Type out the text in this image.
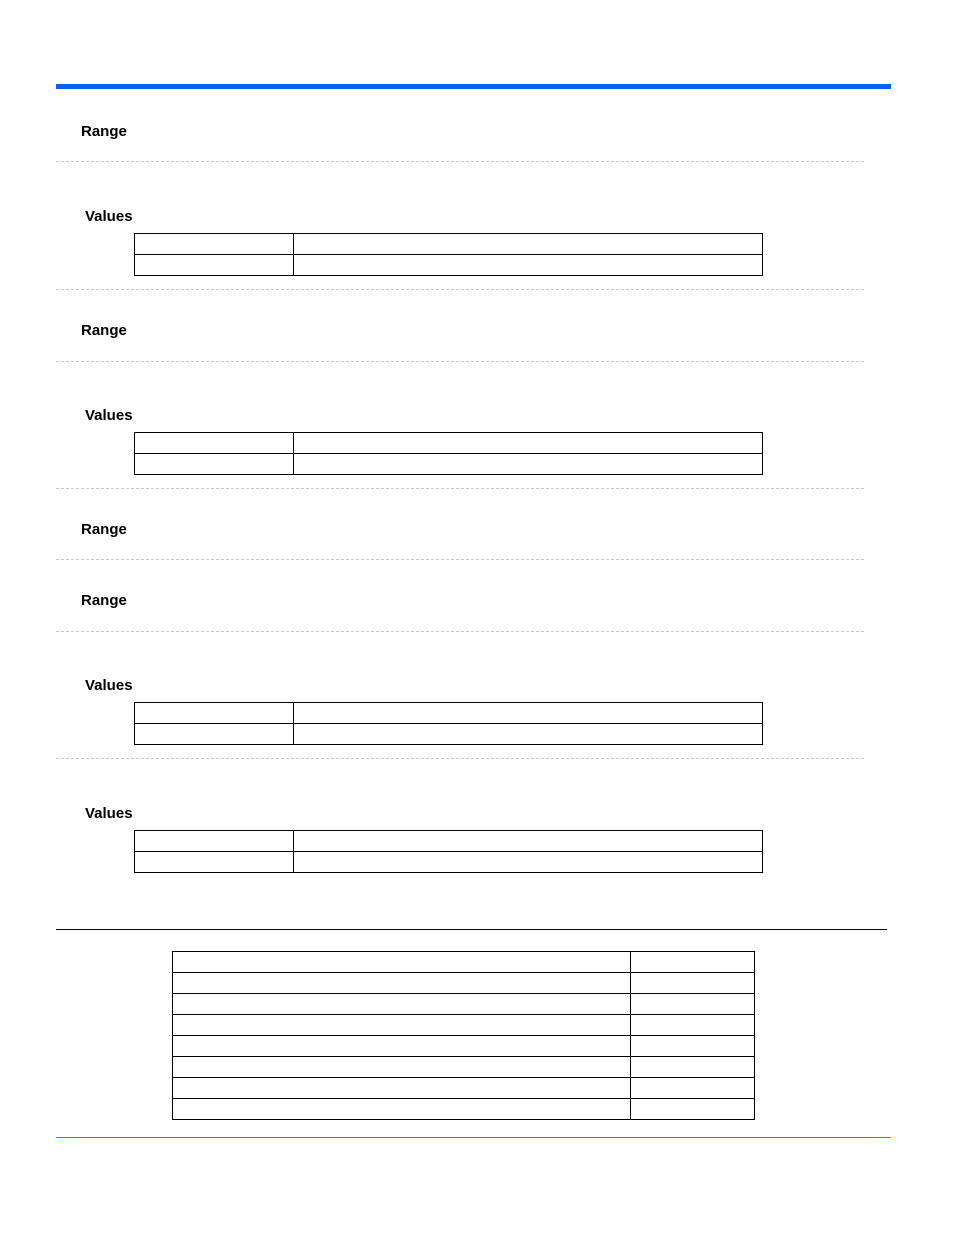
Range
Values

Range
Values

Range
Range
Values

Values
